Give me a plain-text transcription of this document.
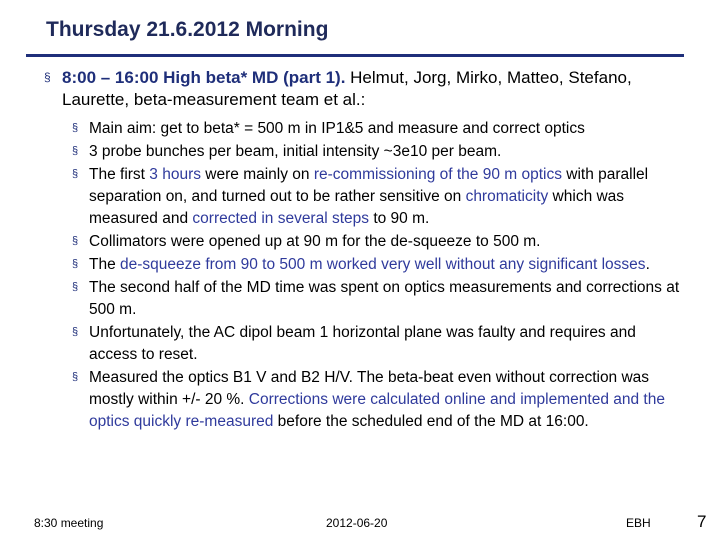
Thursday 21.6.2012 Morning
§ 8:00 – 16:00 High beta* MD (part 1). Helmut, Jorg, Mirko, Matteo, Stefano, Laurette, beta-measurement team et al.:
§ Main aim: get to beta* = 500 m in IP1&5 and measure and correct optics
§ 3 probe bunches per beam, initial intensity ~3e10 per beam.
§ The first 3 hours were mainly on re-commissioning of the 90 m optics with parallel separation on, and turned out to be rather sensitive on chromaticity which was measured and corrected in several steps to 90 m.
§ Collimators were opened up at 90 m for the de-squeeze to 500 m.
§ The de-squeeze from 90 to 500 m worked very well without any significant losses.
§ The second half of the MD time was spent on optics measurements and corrections at 500 m.
§ Unfortunately, the AC dipol beam 1 horizontal plane was faulty and requires and access to reset.
§ Measured the optics B1 V and B2 H/V. The beta-beat even without correction was mostly within +/- 20 %. Corrections were calculated online and implemented and the optics quickly re-measured before the scheduled end of the MD at 16:00.
8:30 meeting	2012-06-20	EBH	7
